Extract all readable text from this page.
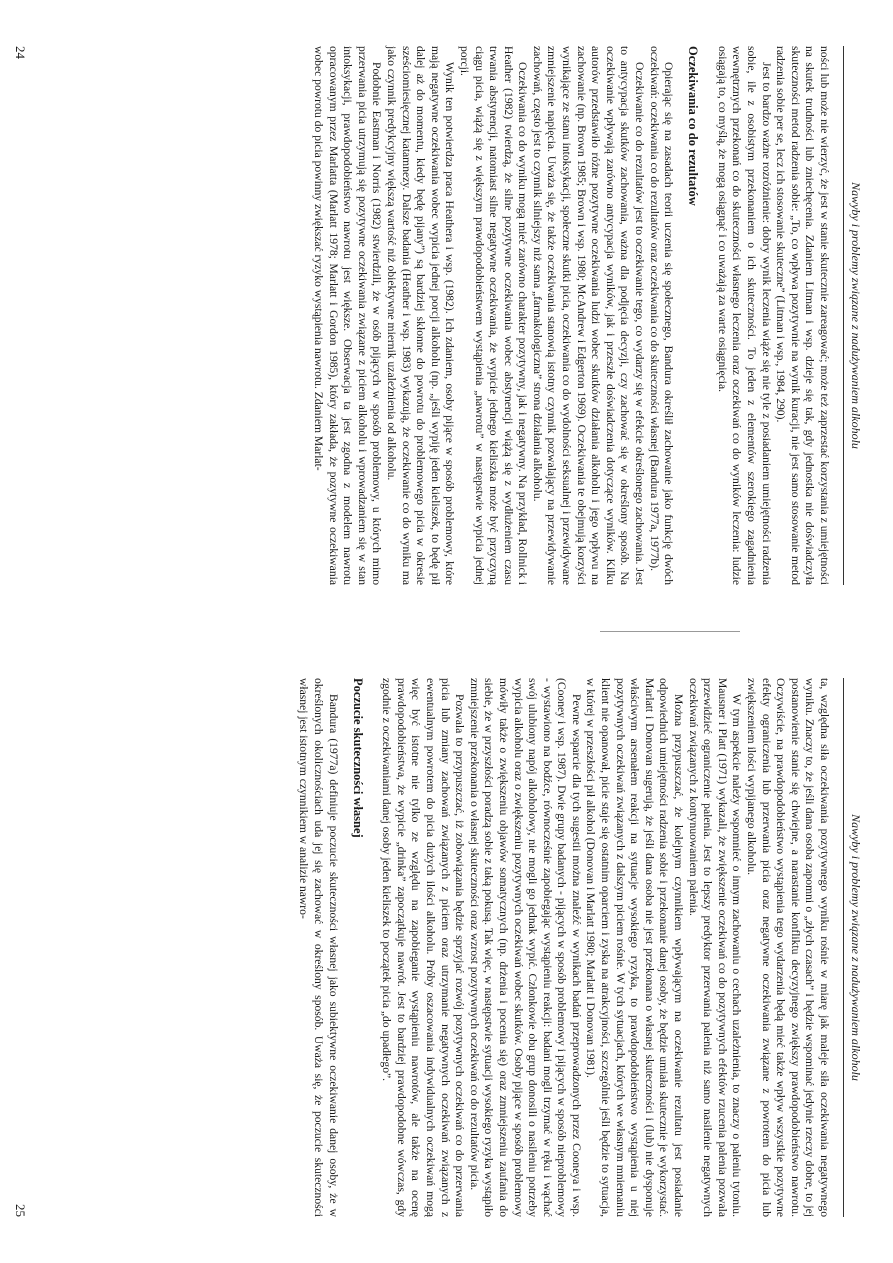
Nawyby i problemy związane z nadużywaniem alkoholu

ności lub może nie wierzyć, że jest w stanie skutecznie zareagować; może też zaprzestać korzystania z umiejętności na skutek trudności lub zniechęcenia. Zdaniem Litman i wsp. dzieje się tak, gdy jednostka nie doświadczyła skuteczności metod radzenia sobie: „To, co wpływa pozytywnie na wynik kuracji, nie jest samo stosowanie metod radzenia sobie per se, lecz ich stosowanie skuteczne” (Litman i wsp., 1984, 290).

Jest to bardzo ważne rozróżnienie: dobry wynik leczenia wiąże się nie tyle z posiadaniem umiejętności radzenia sobie, ile z osobistym przekonaniem o ich skuteczności. To jeden z elementów szerokiego zagadnienia wewnętrznych przekonań co do skuteczności własnego leczenia oraz oczekiwań co do wyników leczenia: ludzie osiągają to, co myślą, że mogą osiągnąć i co uważają za warte osiągnięcia.

Oczekiwania co do rezultatów

Opierając się na zasadach teorii uczenia się społecznego, Bandura określił zachowanie jako funkcję dwóch oczekiwań: oczekiwania co do rezultatów oraz oczekiwania co do skuteczności własnej (Bandura 1977a, 1977b).

Oczekiwanie co do rezultatów jest to oczekiwanie tego, co wydarzy się w efekcie określonego zachowania. Jest to antycypacja skutków zachowania, ważna dla podjęcia decyzji, czy zachować się w określony sposób. Na oczekiwanie wpływają zarówno antycypacja wyników, jak i przeszłe doświadczenia dotyczące wyników. Kilku autorów przedstawiło różne pozytywne oczekiwania ludzi wobec skutków działania alkoholu i jego wpływu na zachowanie (np. Brown 1985; Brown i wsp. 1980; McAndrew i Edgerton 1969). Oczekiwania te obejmują korzyści wynikające ze stanu intoksykacji, społeczne skutki picia, oczekiwania co do wydolności seksualnej i przewidywane zmniejszenie napięcia. Uważa się, że także oczekiwania stanowią istotny czynnik pozwalający na przewidywanie zachowań, często jest to czynnik silniejszy niż sama „farmakologiczna” strona działania alkoholu.

Oczekiwania co do wyniku mogą mieć zarówno charakter pozytywny, jak i negatywny. Na przykład, Rollnick i Heather (1982) twierdzą, że silne pozytywne oczekiwania wobec abstynencji wiążą się z wydłużeniem czasu trwania abstynencji, natomiast silne negatywne oczekiwania, że wypicie jednego kieliszka może być przyczyną ciągu picia, wiążą się z większym prawdopodobieństwem wystąpienia „nawrotu” w następstwie wypicia jednej porcji.

Wynik ten potwierdza praca Heathera i wsp. (1982). Ich zdaniem, osoby pijące w sposób problemowy, które mają negatywne oczekiwania wobec wypicia jednej porcji alkoholu (np. „jeśli wypiję jeden kieliszek, to będę pił dalej aż do momentu, kiedy będę pijany”) są bardziej skłonne do powrotu do problemowego picia w okresie sześciomiesięcznej katamnezy. Dalsze badania (Heather i wsp. 1983) wykazują, że oczekiwanie co do wyniku ma jako czynnik predykcyjny większą wartość niż obiektywne miernik uzależnienia od alkoholu.

Podobnie Eastman i Norris (1982) stwierdzili, że w osób pijących w sposób problemowy, u których mimo przerwania picia utrzymują się pozytywne oczekiwania związane z piciem alkoholu i wprowadzaniem się w stan intoksykacji, prawdopodobieństwo nawrotu jest większe. Obserwacja ta jest zgodna z modelem nawrotu opracowanym przez Marlatta (Marlatt 1978; Marlatt i Gordon 1985), który zakłada, że pozytywne oczekiwania wobec powrotu do picia powinny zwiększać ryzyko wystąpienia nawrotu. Zdaniem Marlat-

24
Nawyby i problemy związane z nadużywaniem alkoholu

ta, względna siła oczekiwania pozytywnego wyniku rośnie w miarę jak maleje siła oczekiwania negatywnego wyniku. Znaczy to, że jeśli dana osoba zapomni o „złych czasach” i będzie wspominać jedynie rzeczy dobre, to jej postanowienie stanie się chwiejne, a narastanie konfliktu decyzyjnego zwiększy prawdopodobieństwo nawrotu. Oczywiście, na prawdopodobieństwo wystąpienia tego wydarzenia będą mieć także wpływ wszystkie pozytywne efekty ograniczenia lub przerwania picia oraz negatywne oczekiwania związane z powrotem do picia lub zwiększeniem ilości wypijanego alkoholu.

W tym aspekcie należy wspomnieć o innym zachowaniu o cechach uzależnienia, to znaczy o paleniu tytoniu. Mausner i Platt (1971) wykazali, że zwiększenie oczekiwań co do pozytywnych efektów rzucenia palenia pozwala przewidzieć ograniczenie palenia. Jest to lepszy predyktor przerwania palenia niż samo nasilenie negatywnych oczekiwań związanych z kontynuowaniem palenia.

Można przypuszczać, że kolejnym czynnikiem wpływającym na oczekiwanie rezultatu jest posiadanie odpowiednich umiejętności radzenia sobie i przekonanie danej osoby, że będzie umiała skutecznie je wykorzystać. Marlatt i Donovan sugerują, że jeśli dana osoba nie jest przekonana o własnej skuteczności i (lub) nie dysponuje właściwym arsenałem reakcji na sytuacje wysokiego ryzyka, to prawdopodobieństwo wystąpienia u niej pozytywnych oczekiwań związanych z dalszym piciem rośnie. W tych sytuacjach, których we własnym mniemaniu klient nie opanował, picie staje się ostatnim oparciem i zyska na atrakcyjności, szczególnie jeśli będzie to sytuacja, w której w przeszłości pił alkohol (Donovan i Marlatt 1980; Marlatt i Donovan 1981).

Pewne wsparcie dla tych sugestii można znaleźć w wynikach badań przeprowadzonych przez Cooneya i wsp. (Cooney i wsp. 1987). Dwie grupy badanych - pijących w sposób problemowy i pijących w sposób nieproblemowy - wystawiono na bodźce, równocześnie zapobiegając wystąpieniu reakcji: badani mogli trzymać w ręku i wąchać swój ulubiony napój alkoholowy, nie mogli go jednak wypić. Członkowie obu grup donosili o nasileniu potrzeby wypicia alkoholu oraz o zwiększeniu pozytywnych oczekiwań wobec skutków. Osoby pijące w sposób problemowy mówiły także o zwiększeniu objawów somatycznych (np. drżenia i pocenia się) oraz zmniejszeniu zaufania do siebie, że w przyszłości poradzą sobie z taką pokusą. Tak więc, w następstwie sytuacji wysokiego ryzyka wystąpiło zmniejszenie przekonania o własnej skuteczności oraz wzrost pozytywnych oczekiwań co do rezultatów picia.

Pozwala to przypuszczać, iż zobowiązania będzie sprzyjać rozwój pozytywnych oczekiwań co do przerwania picia lub zmiany zachowań związanych z piciem oraz utrzymanie negatywnych oczekiwań związanych z ewentualnym powrotem do picia dużych ilości alkoholu. Próby oszacowania indywidualnych oczekiwań mogą więc być istotne nie tylko ze względu na zapobieganie wystąpieniu nawrotów, ale także na ocenę prawdopodobieństwa, że wypicie „drinka” zapoczątkuje nawrót. Jest to bardziej prawdopodobne wówczas, gdy zgodnie z oczekiwaniami danej osoby jeden kieliszek to początek picia „do upadłego”.

Poczucie skuteczności własnej

Bandura (1977a) definiuje poczucie skuteczności własnej jako subiektywne oczekiwanie danej osoby, że w określonych okolicznościach uda jej się zachować w określony sposób. Uważa się, że poczucie skuteczności własnej jest istotnym czynnikiem w analizie nawro-

25
